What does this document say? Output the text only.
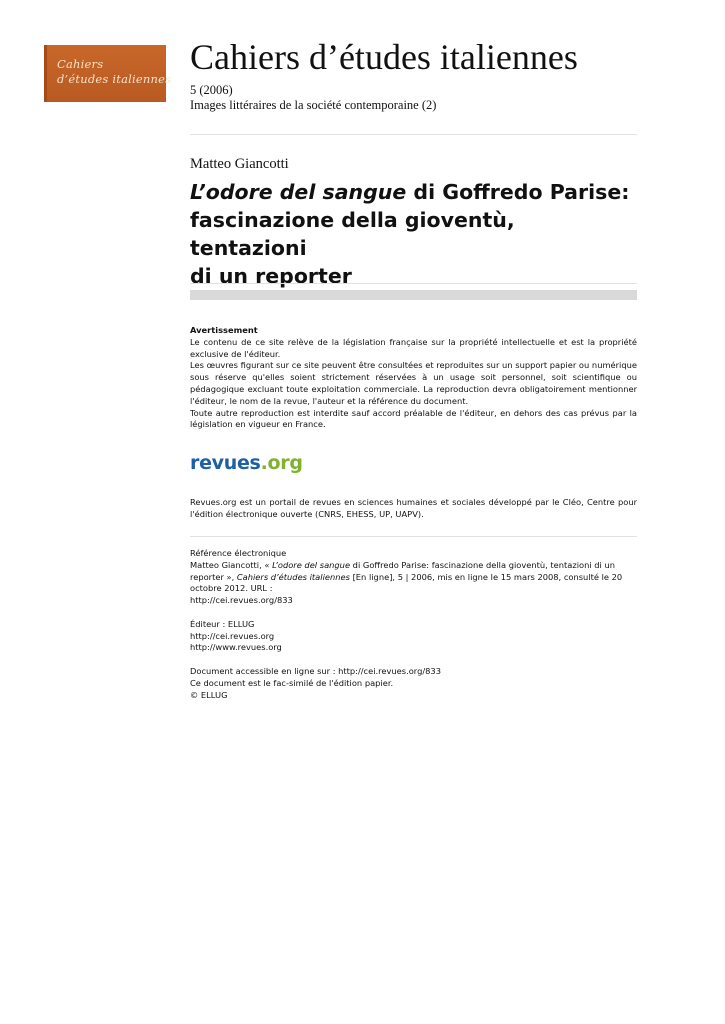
Cahiers
d’études italiennes
Cahiers d’études italiennes
5 (2006)
Images littéraires de la société contemporaine (2)
Matteo Giancotti
L’odore del sangue di Goffredo Parise:
fascinazione della gioventù, tentazioni
di un reporter

Avertissement

Le contenu de ce site relève de la législation française sur la propriété intellectuelle et est la propriété exclusive de l'éditeur.

Les œuvres figurant sur ce site peuvent être consultées et reproduites sur un support papier ou numérique sous réserve qu'elles soient strictement réservées à un usage soit personnel, soit scientifique ou pédagogique excluant toute exploitation commerciale. La reproduction devra obligatoirement mentionner l'éditeur, le nom de la revue, l'auteur et la référence du document.

Toute autre reproduction est interdite sauf accord préalable de l'éditeur, en dehors des cas prévus par la législation en vigueur en France.

revues.org
Revues.org est un portail de revues en sciences humaines et sociales développé par le Cléo, Centre pour l'édition électronique ouverte (CNRS, EHESS, UP, UAPV).

Référence électronique

Matteo Giancotti, « L’odore del sangue di Goffredo Parise: fascinazione della gioventù, tentazioni di un reporter », Cahiers d’études italiennes [En ligne], 5 | 2006, mis en ligne le 15 mars 2008, consulté le 20 octobre 2012. URL :

http://cei.revues.org/833

Éditeur : ELLUG

http://cei.revues.org

http://www.revues.org

Document accessible en ligne sur : http://cei.revues.org/833

Ce document est le fac-similé de l'édition papier.

© ELLUG
